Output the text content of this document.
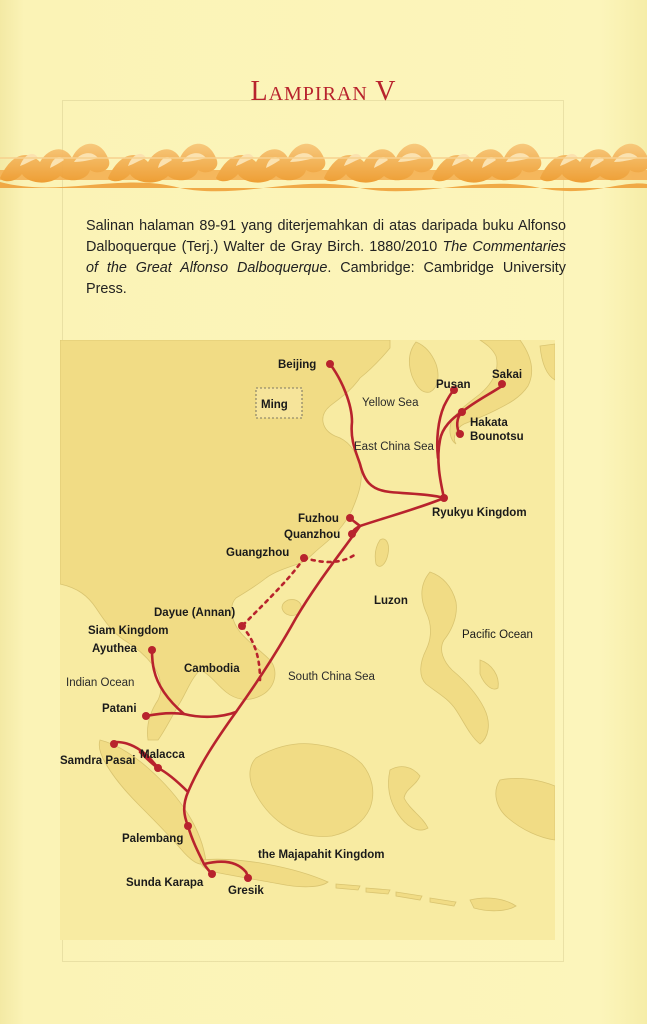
Lampiran V
Salinan halaman 89-91 yang diterjemahkan di atas daripada buku Alfonso Dalboquerque (Terj.) Walter de Gray Birch. 1880/2010 The Commentaries of the Great Alfonso Dalboquerque. Cambridge: Cambridge University Press.
Beijing
Ming	Yellow Sea
Pusan
Sakai
Hakata
Bounotsu
East China Sea
Fuzhou
Quanzhou
Ryukyu Kingdom
Guangzhou
Luzon
Dayue (Annan)
Pacific Ocean
Siam Kingdom
Ayuthea
Cambodia
Indian Ocean	South China Sea
Patani
Malacca
Samdra Pasai
Palembang
the Majapahit Kingdom
Sunda Karapa
Gresik
